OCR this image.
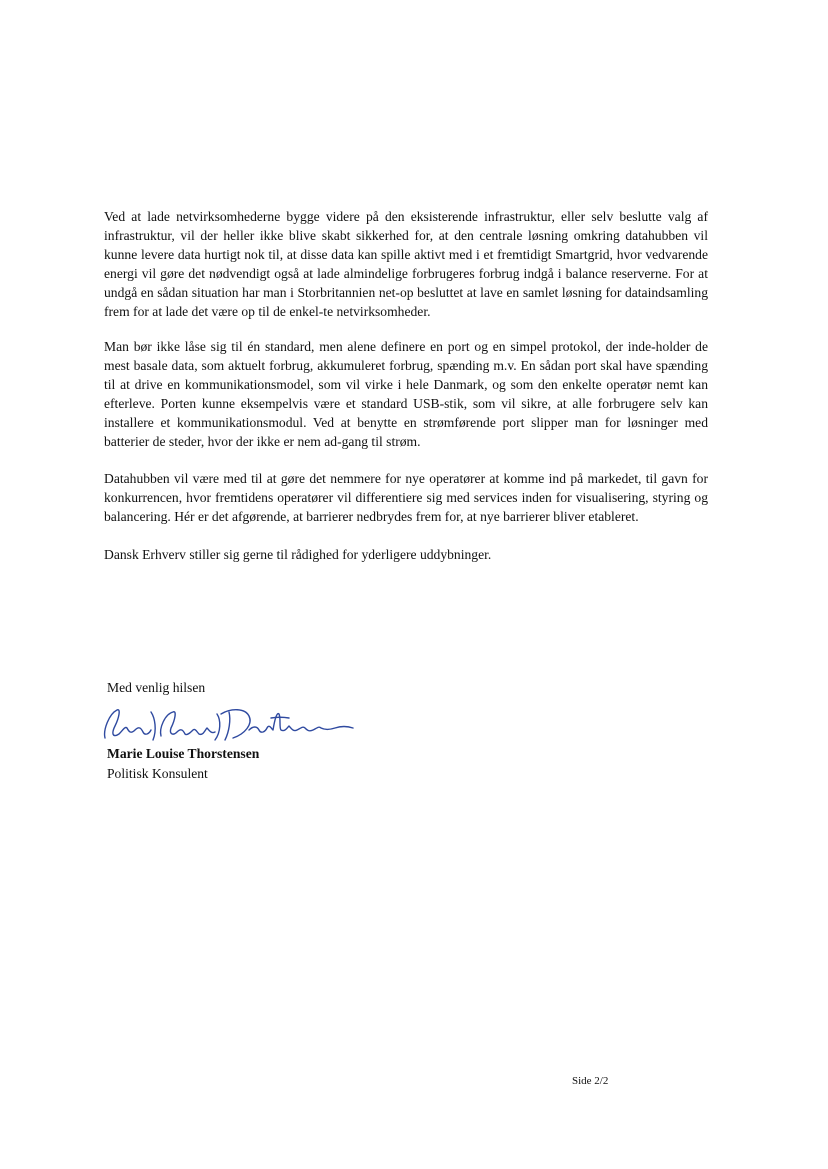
Ved at lade netvirksomhederne bygge videre på den eksisterende infrastruktur, eller selv beslutte valg af infrastruktur, vil der heller ikke blive skabt sikkerhed for, at den centrale løsning omkring datahubben vil kunne levere data hurtigt nok til, at disse data kan spille aktivt med i et fremtidigt Smartgrid, hvor vedvarende energi vil gøre det nødvendigt også at lade almindelige forbrugeres forbrug indgå i balance reserverne. For at undgå en sådan situation har man i Storbritannien net-op besluttet at lave en samlet løsning for dataindsamling frem for at lade det være op til de enkel-te netvirksomheder.

Man bør ikke låse sig til én standard, men alene definere en port og en simpel protokol, der inde-holder de mest basale data, som aktuelt forbrug, akkumuleret forbrug, spænding m.v. En sådan port skal have spænding til at drive en kommunikationsmodel, som vil virke i hele Danmark, og som den enkelte operatør nemt kan efterleve. Porten kunne eksempelvis være et standard USB-stik, som vil sikre, at alle forbrugere selv kan installere et kommunikationsmodul. Ved at benytte en strømførende port slipper man for løsninger med batterier de steder, hvor der ikke er nem ad-gang til strøm.

Datahubben vil være med til at gøre det nemmere for nye operatører at komme ind på markedet, til gavn for konkurrencen, hvor fremtidens operatører vil differentiere sig med services inden for visualisering, styring og balancering. Hér er det afgørende, at barrierer nedbrydes frem for, at nye barrierer bliver etableret.

Dansk Erhverv stiller sig gerne til rådighed for yderligere uddybninger.

Med venlig hilsen
Marie Louise Thorstensen
Politisk Konsulent
Side 2/2
